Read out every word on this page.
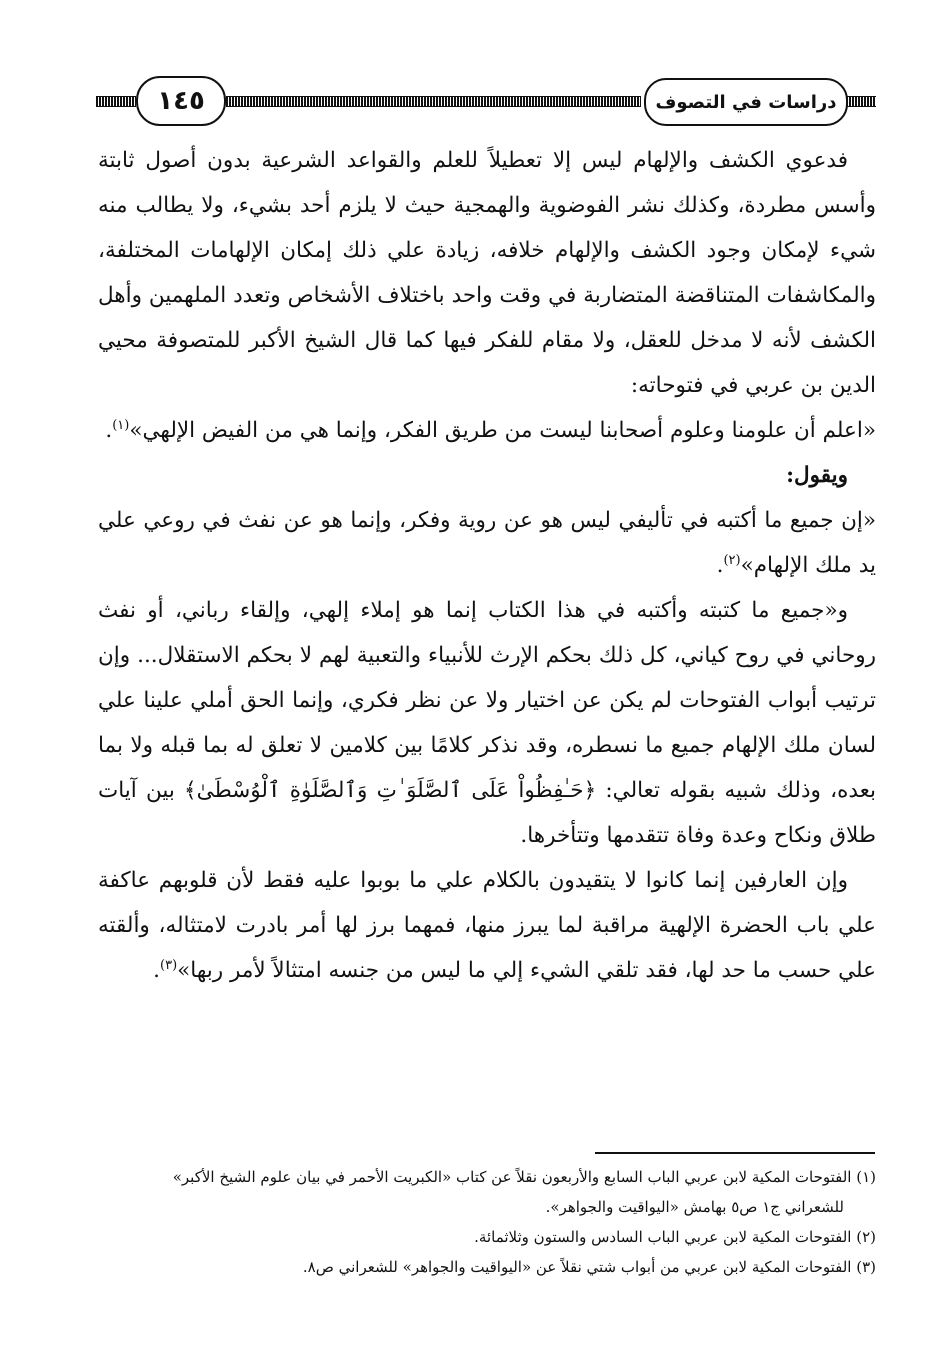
١٤٥	دراسات في التصوف

فدعوي الكشف والإلهام ليس إلا تعطيلاً للعلم والقواعد الشرعية بدون أصول ثابتة وأسس مطردة، وكذلك نشر الفوضوية والهمجية حيث لا يلزم أحد بشيء، ولا يطالب منه شيء لإمكان وجود الكشف والإلهام خلافه، زيادة علي ذلك إمكان الإلهامات المختلفة، والمكاشفات المتناقضة المتضاربة في وقت واحد باختلاف الأشخاص وتعدد الملهمين وأهل الكشف لأنه لا مدخل للعقل، ولا مقام للفكر فيها كما قال الشيخ الأكبر للمتصوفة محيي الدين بن عربي في فتوحاته:

«اعلم أن علومنا وعلوم أصحابنا ليست من طريق الفكر، وإنما هي من الفيض الإلهي»$^{(١)}$.

ويقول:

«إن جميع ما أكتبه في تأليفي ليس هو عن روية وفكر، وإنما هو عن نفث في روعي علي يد ملك الإلهام»$^{(٢)}$.

و«جميع ما كتبته وأكتبه في هذا الكتاب إنما هو إملاء إلهي، وإلقاء رباني، أو نفث روحاني في روح كياني، كل ذلك بحكم الإرث للأنبياء والتعبية لهم لا بحكم الاستقلال... وإن ترتيب أبواب الفتوحات لم يكن عن اختيار ولا عن نظر فكري، وإنما الحق أملي علينا علي لسان ملك الإلهام جميع ما نسطره، وقد نذكر كلامًا بين كلامين لا تعلق له بما قبله ولا بما بعده، وذلك شبيه بقوله تعالي: ﴿حَـٰفِظُواْ عَلَى ٱلصَّلَوَ ٰتِ وَٱلصَّلَوٰةِ ٱلْوُسْطَىٰ﴾ بين آيات طلاق ونكاح وعدة وفاة تتقدمها وتتأخرها.

وإن العارفين إنما كانوا لا يتقيدون بالكلام علي ما بوبوا عليه فقط لأن قلوبهم عاكفة علي باب الحضرة الإلهية مراقبة لما يبرز منها، فمهما برز لها أمر بادرت لامتثاله، وألقته علي حسب ما حد لها، فقد تلقي الشيء إلي ما ليس من جنسه امتثالاً لأمر ربها»$^{(٣)}$.

(١) الفتوحات المكية لابن عربي الباب السابع والأربعون نقلاً عن كتاب «الكبريت الأحمر في بيان علوم الشيخ الأكبر»

للشعراني ج١ ص٥ بهامش «اليواقيت والجواهر».

(٢) الفتوحات المكية لابن عربي الباب السادس والستون وثلاثمائة.

(٣) الفتوحات المكية لابن عربي من أبواب شتي نقلاً عن «اليواقيت والجواهر» للشعراني ص٨.
